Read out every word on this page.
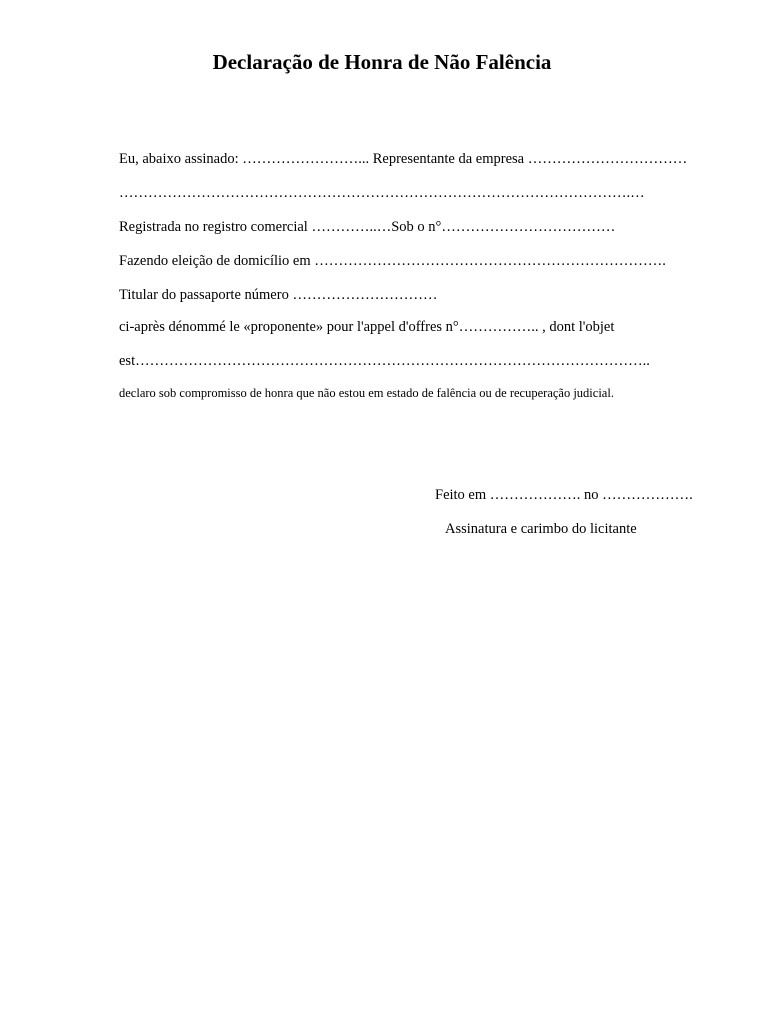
Declaração de Honra de Não Falência
Eu, abaixo assinado: ……………………... Representante da empresa ……………………………
…………………………………………………………………………………………….…
Registrada no registro comercial …………..…Sob o n°………………………………
Fazendo eleição de domicílio em ……………………………………………………………….
Titular do passaporte número …………………………
ci-après dénommé le «proponente» pour l'appel d'offres n°…………….. , dont l'objet
est……………………………………………………………………………………………..
declaro sob compromisso de honra que não estou em estado de falência ou de recuperação judicial.
Feito em ………………. no ……………….
Assinatura e carimbo do licitante
